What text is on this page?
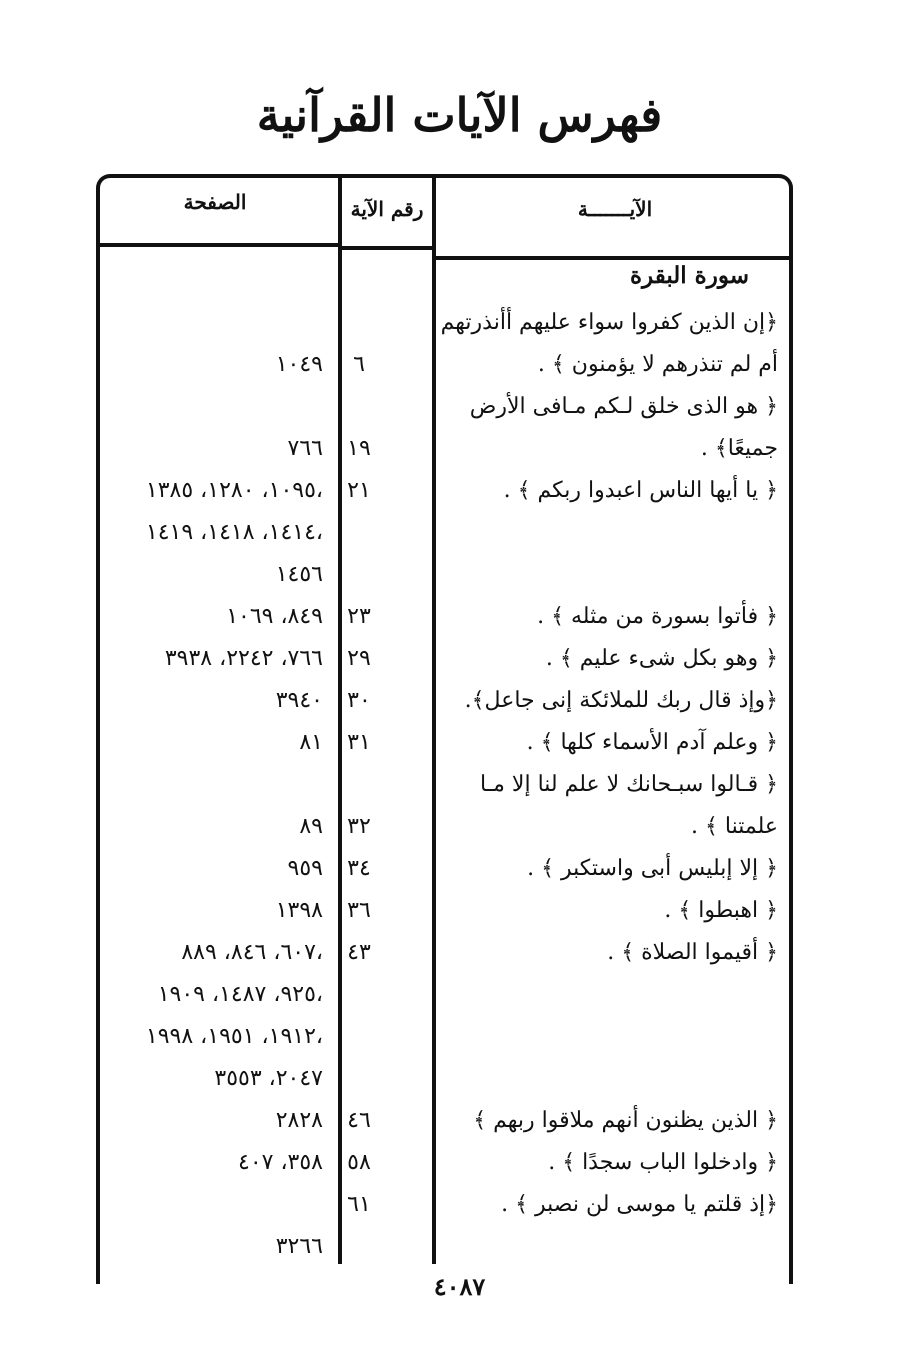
فهرس الآيات القرآنية
الصفحة	رقم الآية	الآيـــــــة
سورة البقرة
﴿إن الذين كفروا سواء عليهم أأنذرتهم
أم لم تنذرهم لا يؤمنون ﴾ .
٦
١٠٤٩
﴿ هو الذى خلق لـكم مـافى الأرض
جميعًا﴾ .
١٩
٧٦٦
﴿ يا أيها الناس اعبدوا ربكم ﴾ .
٢١
١٠٩٥، ١٢٨٠، ١٣٨٥،
١٤١٤، ١٤١٨، ١٤١٩،
١٤٥٦
﴿ فأتوا بسورة من مثله ﴾ .
٢٣
٨٤٩، ١٠٦٩
﴿ وهو بكل شىء عليم ﴾ .
٢٩
٧٦٦، ٢٢٤٢، ٣٩٣٨
﴿وإذ قال ربك للملائكة إنى جاعل﴾.
٣٠
٣٩٤٠
﴿ وعلم آدم الأسماء كلها ﴾ .
٣١
٨١
﴿ قـالوا سبـحانك لا علم لنا إلا مـا
علمتنا ﴾ .
٣٢
٨٩
﴿ إلا إبليس أبى واستكبر ﴾ .
٣٤
٩٥٩
﴿ اهبطوا ﴾ .
٣٦
١٣٩٨
﴿ أقيموا الصلاة ﴾ .
٤٣
٦٠٧، ٨٤٦، ٨٨٩،
٩٢٥، ١٤٨٧، ١٩٠٩،
١٩١٢، ١٩٥١، ١٩٩٨،
٢٠٤٧، ٣٥٥٣
﴿ الذين يظنون أنهم ملاقوا ربهم ﴾
٤٦
٢٨٢٨
﴿ وادخلوا الباب سجدًا ﴾ .
٥٨
٣٥٨، ٤٠٧
﴿إذ قلتم يا موسى لن نصبر ﴾ .
٦١
٣٢٦٦
٤٠٨٧
